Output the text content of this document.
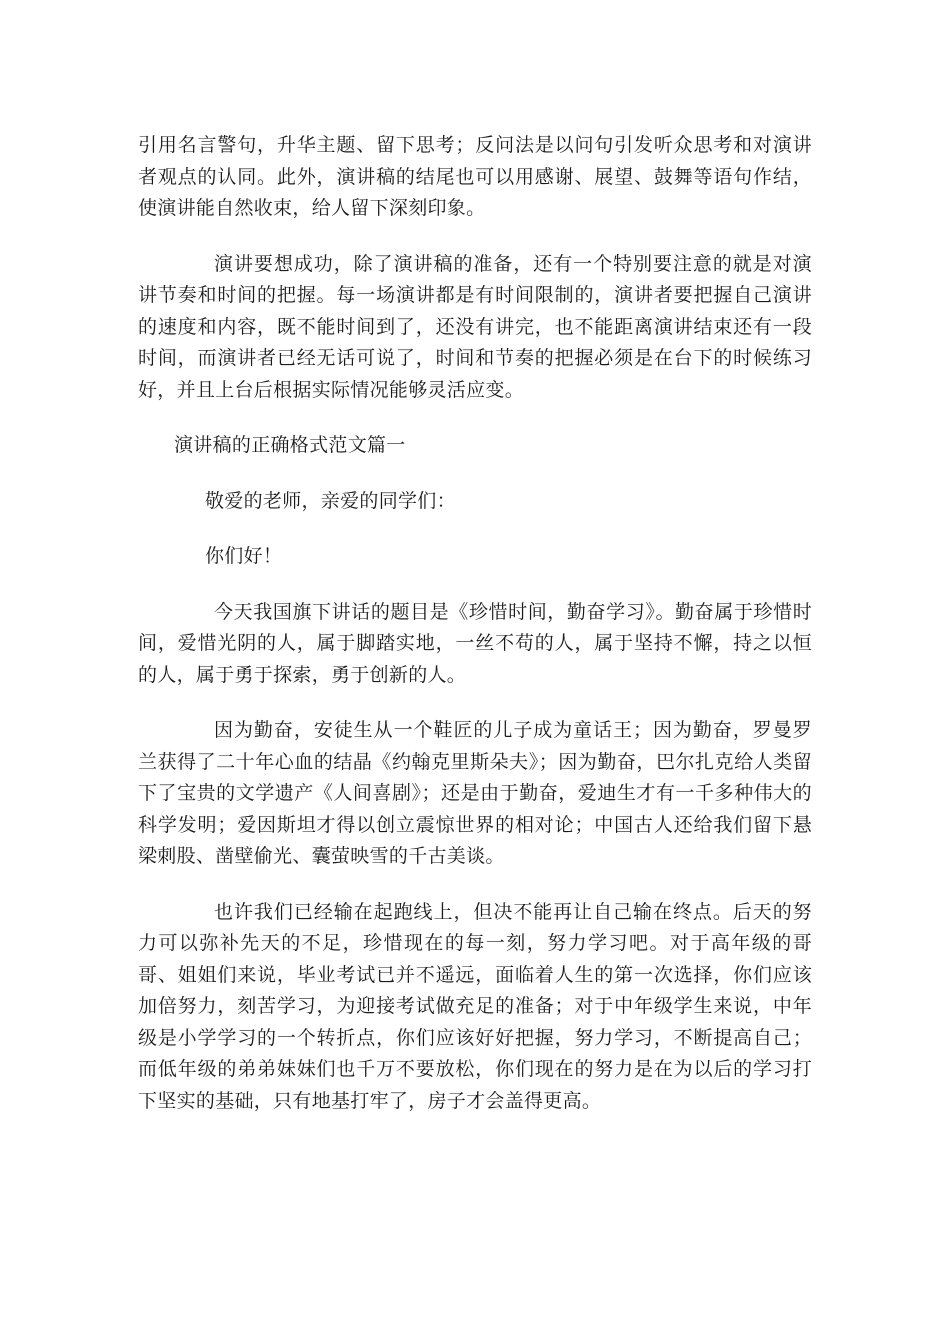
引用名言警句，升华主题、留下思考；反问法是以问句引发听众思考和对演讲者观点的认同。此外，演讲稿的结尾也可以用感谢、展望、鼓舞等语句作结，使演讲能自然收束，给人留下深刻印象。

演讲要想成功，除了演讲稿的准备，还有一个特别要注意的就是对演讲节奏和时间的把握。每一场演讲都是有时间限制的，演讲者要把握自己演讲的速度和内容，既不能时间到了，还没有讲完，也不能距离演讲结束还有一段时间，而演讲者已经无话可说了，时间和节奏的把握必须是在台下的时候练习好，并且上台后根据实际情况能够灵活应变。

演讲稿的正确格式范文篇一

敬爱的老师，亲爱的同学们：

你们好！

今天我国旗下讲话的题目是《珍惜时间，勤奋学习》。勤奋属于珍惜时间，爱惜光阴的人，属于脚踏实地，一丝不苟的人，属于坚持不懈，持之以恒的人，属于勇于探索，勇于创新的人。

因为勤奋，安徒生从一个鞋匠的儿子成为童话王；因为勤奋，罗曼罗兰获得了二十年心血的结晶《约翰克里斯朵夫》；因为勤奋，巴尔扎克给人类留下了宝贵的文学遗产《人间喜剧》；还是由于勤奋，爱迪生才有一千多种伟大的科学发明；爱因斯坦才得以创立震惊世界的相对论；中国古人还给我们留下悬梁刺股、凿壁偷光、囊萤映雪的千古美谈。

也许我们已经输在起跑线上，但决不能再让自己输在终点。后天的努力可以弥补先天的不足，珍惜现在的每一刻，努力学习吧。对于高年级的哥哥、姐姐们来说，毕业考试已并不遥远，面临着人生的第一次选择，你们应该加倍努力，刻苦学习，为迎接考试做充足的准备；对于中年级学生来说，中年级是小学学习的一个转折点，你们应该好好把握，努力学习，不断提高自己；而低年级的弟弟妹妹们也千万不要放松，你们现在的努力是在为以后的学习打下坚实的基础，只有地基打牢了，房子才会盖得更高。
